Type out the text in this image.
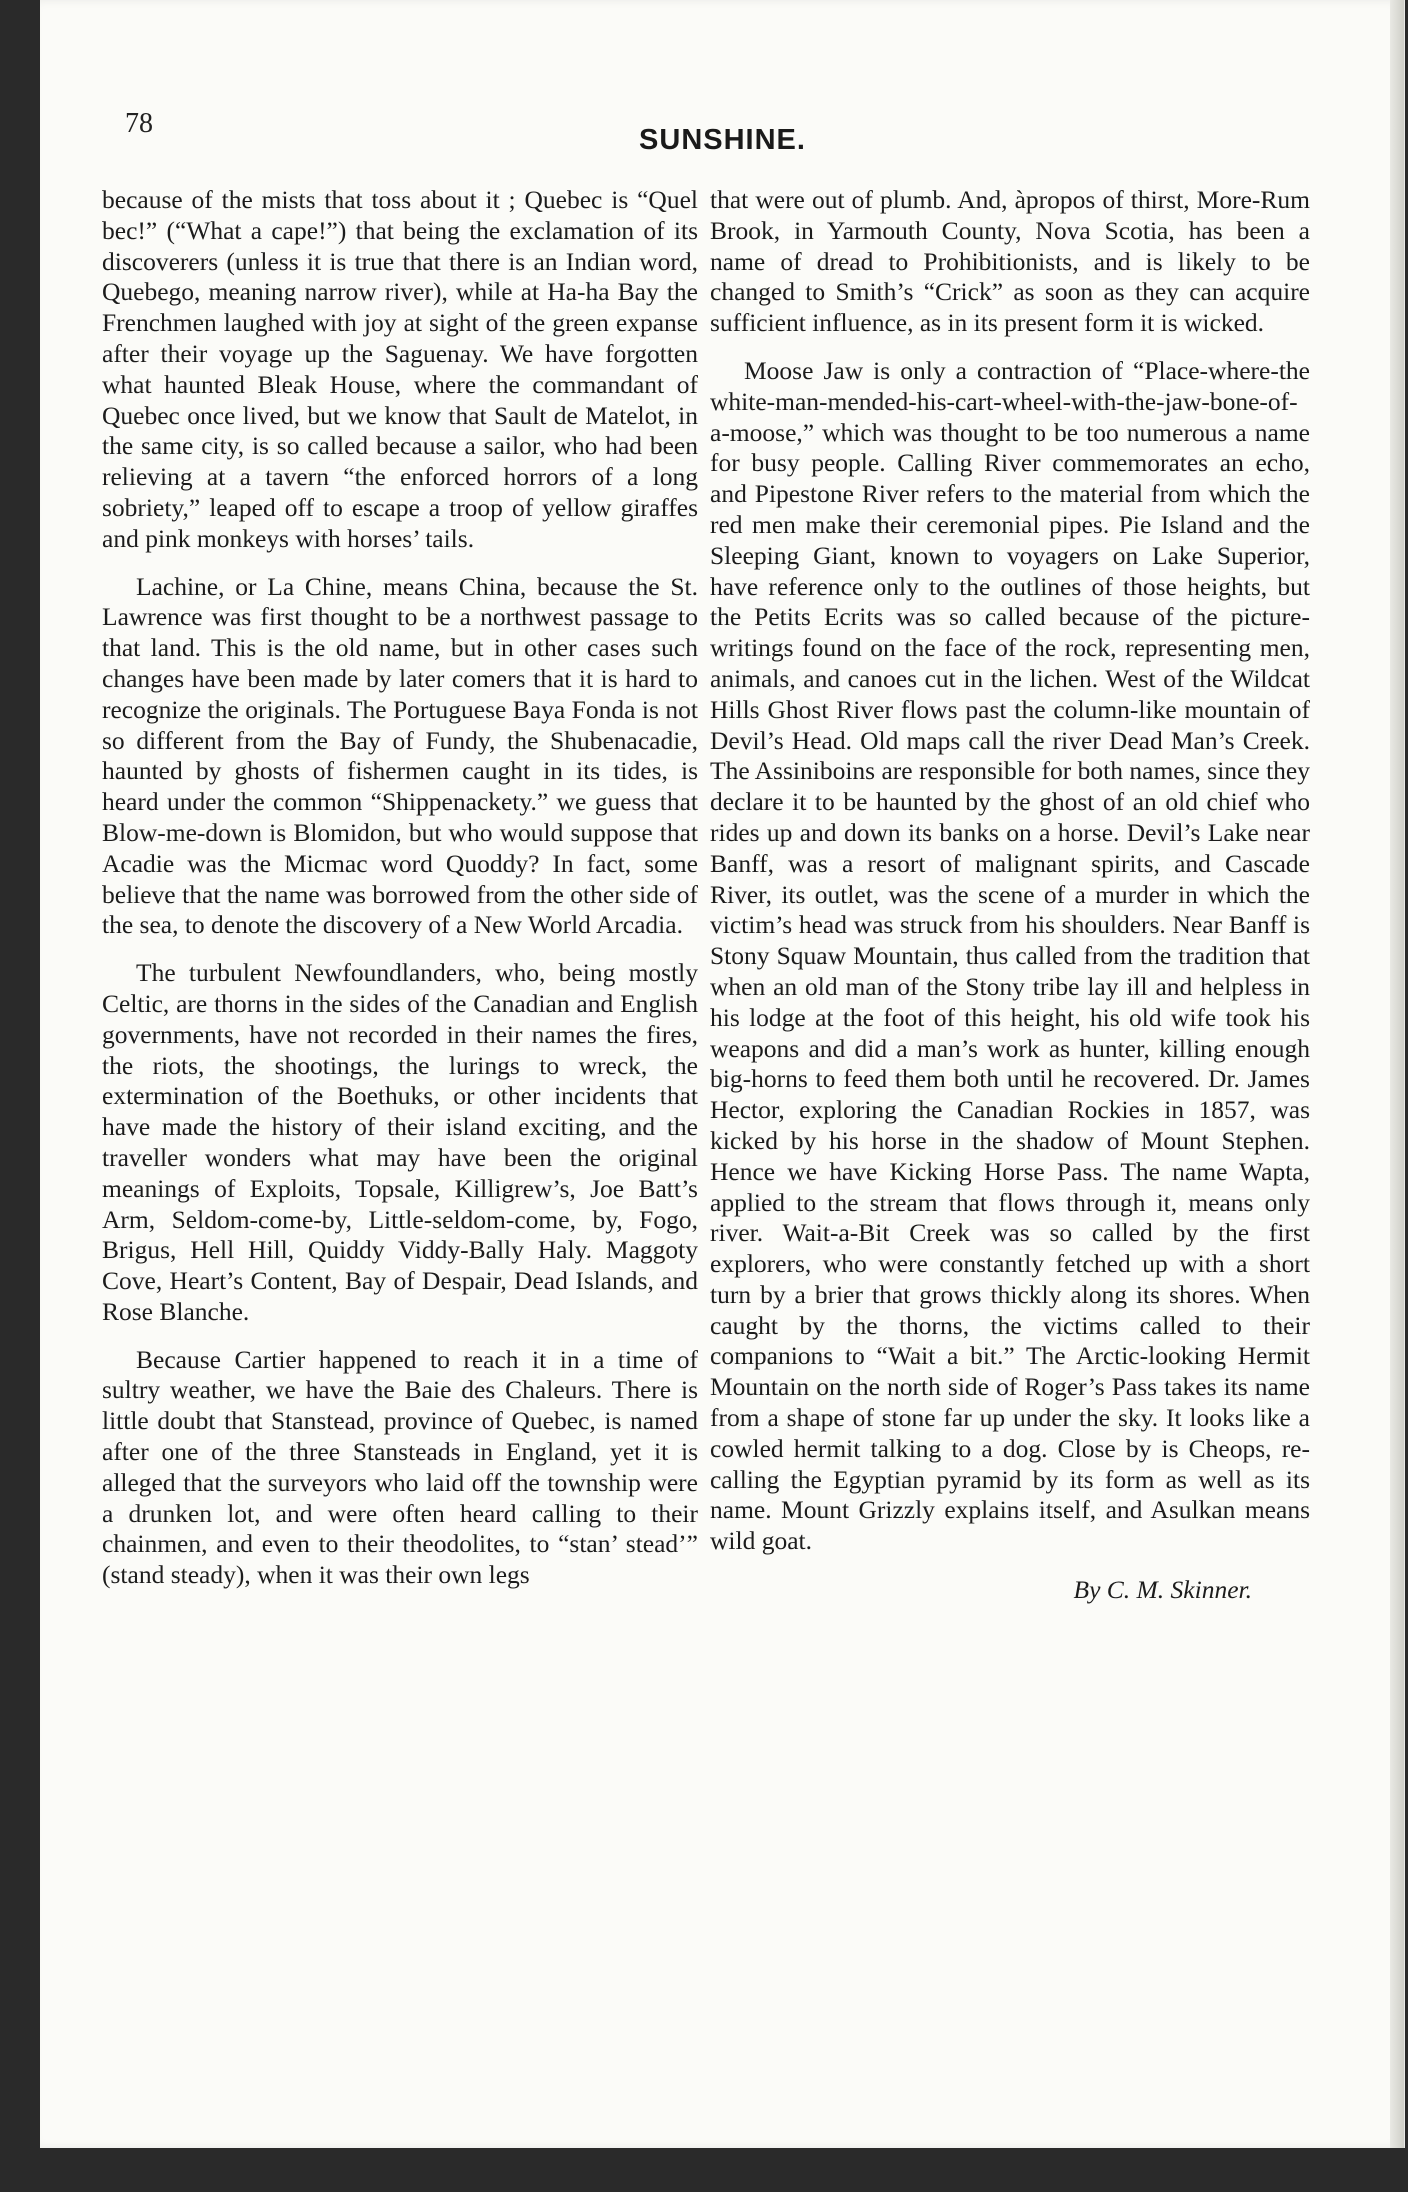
78
SUNSHINE.

because of the mists that toss about it ; Quebec is “Quel bec!” (“What a cape!”) that being the exclamation of its discoverers (unless it is true that there is an Indian word, Quebego, meaning narrow river), while at Ha-ha Bay the Frenchmen laughed with joy at sight of the green expanse after their voyage up the Saguenay. We have forgotten what haunted Bleak House, where the commandant of Quebec once lived, but we know that Sault de Matelot, in the same city, is so called because a sailor, who had been relieving at a tavern “the enforced horrors of a long sobriety,” leaped off to escape a troop of yellow giraffes and pink monkeys with horses’ tails.

Lachine, or La Chine, means China, because the St. Lawrence was first thought to be a northwest passage to that land. This is the old name, but in other cases such changes have been made by later comers that it is hard to recognize the originals. The Portuguese Baya Fonda is not so different from the Bay of Fundy, the Shubenacadie, haunted by ghosts of fishermen caught in its tides, is heard under the common “Shippenackety.” we guess that Blow-me-down is Blomidon, but who would suppose that Acadie was the Micmac word Quoddy? In fact, some believe that the name was borrowed from the other side of the sea, to denote the discovery of a New World Arcadia.

The turbulent Newfoundlanders, who, being mostly Celtic, are thorns in the sides of the Canadian and English governments, have not recorded in their names the fires, the riots, the shootings, the lurings to wreck, the extermination of the Boethuks, or other incidents that have made the history of their island exciting, and the traveller wonders what may have been the original meanings of Exploits, Topsale, Killigrew’s, Joe Batt’s Arm, Seldom-come-by, Little-seldom-come, by, Fogo, Brigus, Hell Hill, Quiddy Viddy-Bally Haly. Maggoty Cove, Heart’s Content, Bay of Despair, Dead Islands, and Rose Blanche.

Because Cartier happened to reach it in a time of sultry weather, we have the Baie des Chaleurs. There is little doubt that Stanstead, province of Quebec, is named after one of the three Stansteads in England, yet it is alleged that the surveyors who laid off the township were a drunken lot, and were often heard calling to their chainmen, and even to their theodolites, to “stan’ stead’” (stand steady), when it was their own legs

that were out of plumb. And, àpropos of thirst, More-Rum Brook, in Yarmouth County, Nova Scotia, has been a name of dread to Prohibitionists, and is likely to be changed to Smith’s “Crick” as soon as they can acquire sufficient influence, as in its present form it is wicked.

Moose Jaw is only a contraction of “Place-where-the white-man-mended-his-cart-wheel-with-the-jaw-bone-of-a-moose,” which was thought to be too numerous a name for busy people. Calling River commemorates an echo, and Pipestone River refers to the material from which the red men make their ceremonial pipes. Pie Island and the Sleeping Giant, known to voyagers on Lake Superior, have reference only to the outlines of those heights, but the Petits Ecrits was so called because of the picture-writings found on the face of the rock, representing men, animals, and canoes cut in the lichen. West of the Wildcat Hills Ghost River flows past the column-like mountain of Devil’s Head. Old maps call the river Dead Man’s Creek. The Assiniboins are responsible for both names, since they declare it to be haunted by the ghost of an old chief who rides up and down its banks on a horse. Devil’s Lake near Banff, was a resort of malignant spirits, and Cascade River, its outlet, was the scene of a murder in which the victim’s head was struck from his shoulders. Near Banff is Stony Squaw Mountain, thus called from the tradition that when an old man of the Stony tribe lay ill and helpless in his lodge at the foot of this height, his old wife took his weapons and did a man’s work as hunter, killing enough big-horns to feed them both until he recovered. Dr. James Hector, exploring the Canadian Rockies in 1857, was kicked by his horse in the shadow of Mount Stephen. Hence we have Kicking Horse Pass. The name Wapta, applied to the stream that flows through it, means only river. Wait-a-Bit Creek was so called by the first explorers, who were constantly fetched up with a short turn by a brier that grows thickly along its shores. When caught by the thorns, the victims called to their companions to “Wait a bit.” The Arctic-looking Hermit Mountain on the north side of Roger’s Pass takes its name from a shape of stone far up under the sky. It looks like a cowled hermit talking to a dog. Close by is Cheops, recalling the Egyptian pyramid by its form as well as its name. Mount Grizzly explains itself, and Asulkan means wild goat.

By C. M. Skinner.
